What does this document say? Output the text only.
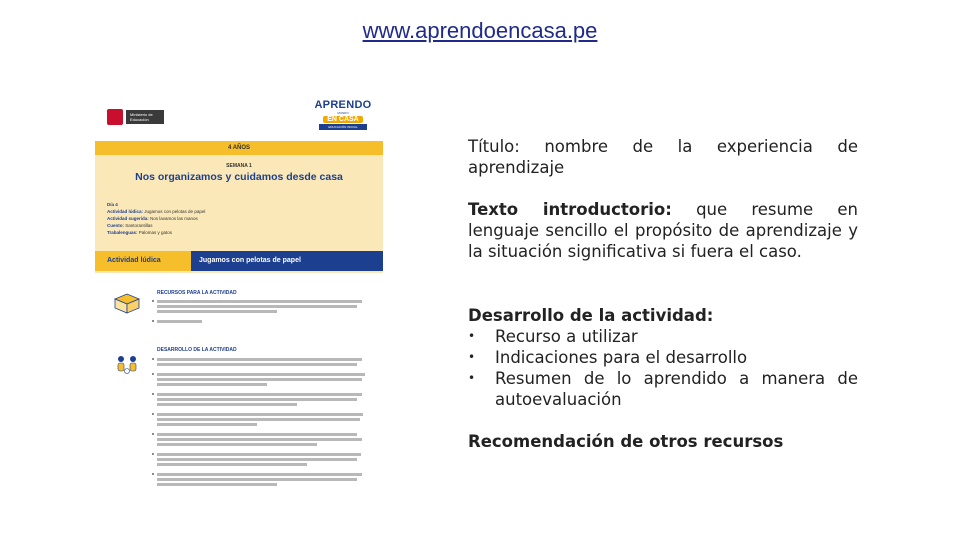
www.aprendoencasa.pe
Ministerio de Educación
APRENDO
MUNDO
EN CASA
EDUCACIÓN INICIAL
4 AÑOS
SEMANA 1
Nos organizamos y cuidamos desde casa
Día 4
Actividad lúdica: Jugamos con pelotas de papel
Actividad sugerida: Nos lavamos las manos
Cuento: Santorantillas
Trabalenguas: Palomas y gatos
Actividad lúdica	Jugamos con pelotas de papel
RECURSOS PARA LA ACTIVIDAD
DESARROLLO DE LA ACTIVIDAD

Título: nombre de la experiencia de aprendizaje

Texto introductorio: que resume en lenguaje sencillo el propósito de aprendizaje y la situación significativa si fuera el caso.

Desarrollo de la actividad:

• Recurso a utilizar
• Indicaciones para el desarrollo
• Resumen de lo aprendido a manera de autoevaluación

Recomendación de otros recursos
